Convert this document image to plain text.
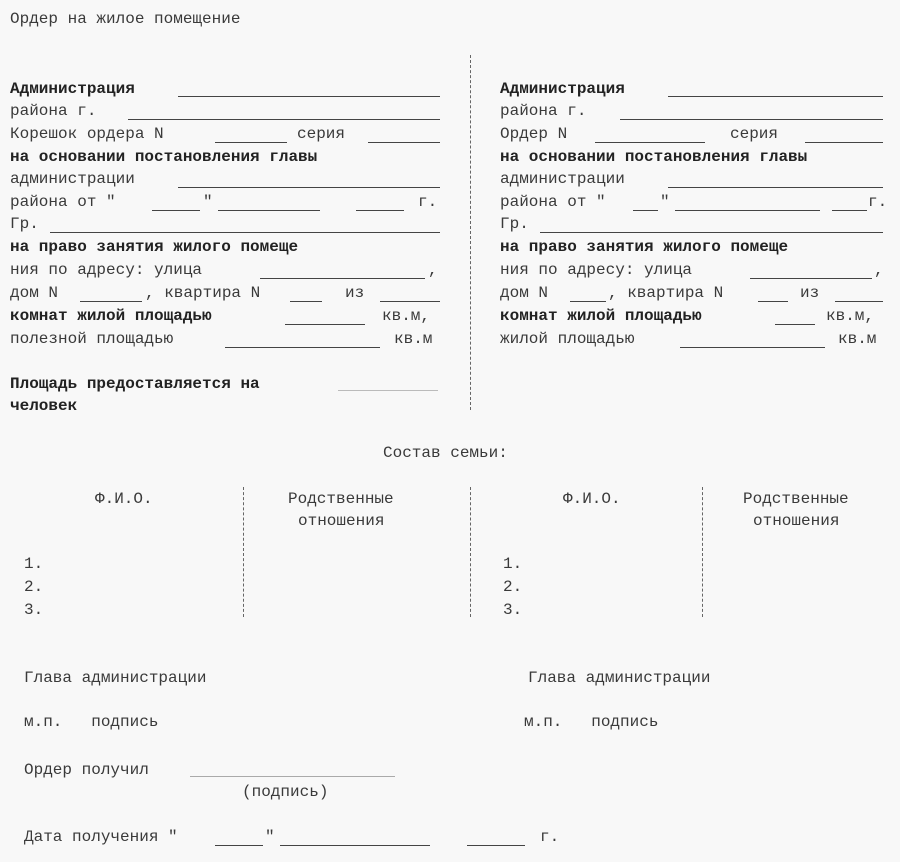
Ордер на жилое помещение
Администрация
района г.
Корешок ордера N	серия
на основании постановления главы
администрации
района от "	"	г.
Гр.
на право занятия жилого помеще
ния по адресу: улица	,
дом N	, квартира N	из
комнат жилой площадью	кв.м,
полезной площадью	кв.м
Площадь предоставляется на
человек
Администрация
района г.
Ордер N	серия
на основании постановления главы
администрации
района от "	"	г.
Гр.
на право занятия жилого помеще
ния по адресу: улица	,
дом N	, квартира N	из
комнат жилой площадью	кв.м,
жилой площадью	кв.м
Состав семьи:
Ф.И.О.	Родственные
отношения
1.
2.
3.
Ф.И.О.	Родственные
отношения
1.
2.
3.
Глава администрации	Глава администрации
м.п.   подпись	м.п.   подпись
Ордер получил
(подпись)
Дата получения "	"	г.
